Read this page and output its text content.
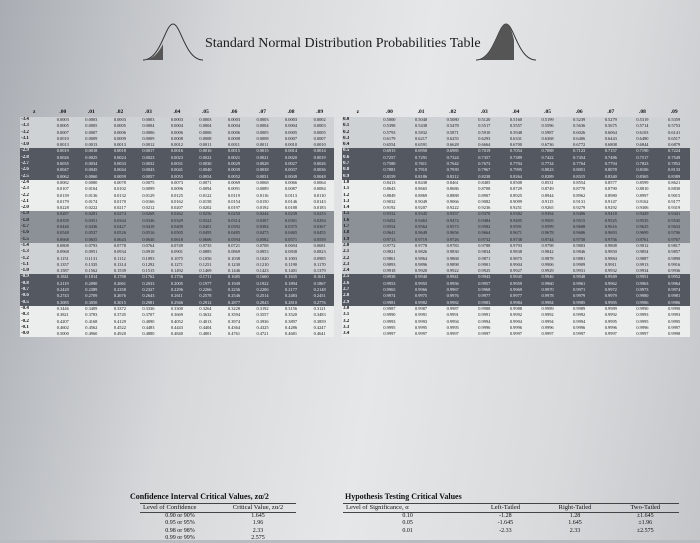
Standard Normal Distribution Probabilities Table
z	.00	.01	.02	.03	.04	.05	.06	.07	.08	.09
-3.4	0.0003	0.0003	0.0003	0.0003	0.0003	0.0003	0.0003	0.0003	0.0003	0.0002
-3.3	0.0005	0.0005	0.0005	0.0004	0.0004	0.0004	0.0004	0.0004	0.0004	0.0003
-3.2	0.0007	0.0007	0.0006	0.0006	0.0006	0.0006	0.0006	0.0005	0.0005	0.0005
-3.1	0.0010	0.0009	0.0009	0.0009	0.0008	0.0008	0.0008	0.0008	0.0007	0.0007
-3.0	0.0013	0.0013	0.0013	0.0012	0.0012	0.0011	0.0011	0.0011	0.0010	0.0010
-2.9	0.0019	0.0018	0.0018	0.0017	0.0016	0.0016	0.0015	0.0015	0.0014	0.0014
-2.8	0.0026	0.0025	0.0024	0.0023	0.0023	0.0022	0.0021	0.0021	0.0020	0.0019
-2.7	0.0035	0.0034	0.0033	0.0032	0.0031	0.0030	0.0029	0.0028	0.0027	0.0026
-2.6	0.0047	0.0045	0.0044	0.0043	0.0041	0.0040	0.0039	0.0038	0.0037	0.0036
-2.5	0.0062	0.0060	0.0059	0.0057	0.0055	0.0054	0.0052	0.0051	0.0049	0.0048
-2.4	0.0082	0.0080	0.0078	0.0075	0.0073	0.0071	0.0069	0.0068	0.0066	0.0064
-2.3	0.0107	0.0104	0.0102	0.0099	0.0096	0.0094	0.0091	0.0089	0.0087	0.0084
-2.2	0.0139	0.0136	0.0132	0.0129	0.0125	0.0122	0.0119	0.0116	0.0113	0.0110
-2.1	0.0179	0.0174	0.0170	0.0166	0.0162	0.0158	0.0154	0.0150	0.0146	0.0143
-2.0	0.0228	0.0222	0.0217	0.0212	0.0207	0.0202	0.0197	0.0192	0.0188	0.0183
-1.9	0.0287	0.0281	0.0274	0.0268	0.0262	0.0256	0.0250	0.0244	0.0239	0.0233
-1.8	0.0359	0.0351	0.0344	0.0336	0.0329	0.0322	0.0314	0.0307	0.0301	0.0294
-1.7	0.0446	0.0436	0.0427	0.0418	0.0409	0.0401	0.0392	0.0384	0.0375	0.0367
-1.6	0.0548	0.0537	0.0526	0.0516	0.0505	0.0495	0.0485	0.0475	0.0465	0.0455
-1.5	0.0668	0.0655	0.0643	0.0630	0.0618	0.0606	0.0594	0.0582	0.0571	0.0559
-1.4	0.0808	0.0793	0.0778	0.0764	0.0749	0.0735	0.0721	0.0708	0.0694	0.0681
-1.3	0.0968	0.0951	0.0934	0.0918	0.0901	0.0885	0.0869	0.0853	0.0838	0.0823
-1.2	0.1151	0.1131	0.1112	0.1093	0.1075	0.1056	0.1038	0.1020	0.1003	0.0985
-1.1	0.1357	0.1335	0.1314	0.1292	0.1271	0.1251	0.1230	0.1210	0.1190	0.1170
-1.0	0.1587	0.1562	0.1539	0.1515	0.1492	0.1469	0.1446	0.1423	0.1401	0.1379
-0.9	0.1841	0.1814	0.1788	0.1762	0.1736	0.1711	0.1685	0.1660	0.1635	0.1611
-0.8	0.2119	0.2090	0.2061	0.2033	0.2005	0.1977	0.1949	0.1922	0.1894	0.1867
-0.7	0.2420	0.2389	0.2358	0.2327	0.2296	0.2266	0.2236	0.2206	0.2177	0.2148
-0.6	0.2743	0.2709	0.2676	0.2643	0.2611	0.2578	0.2546	0.2514	0.2483	0.2451
-0.5	0.3085	0.3050	0.3015	0.2981	0.2946	0.2912	0.2877	0.2843	0.2810	0.2776
-0.4	0.3446	0.3409	0.3372	0.3336	0.3300	0.3264	0.3228	0.3192	0.3156	0.3121
-0.3	0.3821	0.3783	0.3745	0.3707	0.3669	0.3632	0.3594	0.3557	0.3520	0.3483
-0.2	0.4207	0.4168	0.4129	0.4090	0.4052	0.4013	0.3974	0.3936	0.3897	0.3859
-0.1	0.4602	0.4562	0.4522	0.4483	0.4443	0.4404	0.4364	0.4325	0.4286	0.4247
-0.0	0.5000	0.4960	0.4920	0.4880	0.4840	0.4801	0.4761	0.4721	0.4681	0.4641
z	.00	.01	.02	.03	.04	.05	.06	.07	.08	.09
0.0	0.5000	0.5040	0.5080	0.5120	0.5160	0.5199	0.5239	0.5279	0.5319	0.5359
0.1	0.5398	0.5438	0.5478	0.5517	0.5557	0.5596	0.5636	0.5675	0.5714	0.5753
0.2	0.5793	0.5832	0.5871	0.5910	0.5948	0.5987	0.6026	0.6064	0.6103	0.6141
0.3	0.6179	0.6217	0.6255	0.6293	0.6331	0.6368	0.6406	0.6443	0.6480	0.6517
0.4	0.6554	0.6591	0.6628	0.6664	0.6700	0.6736	0.6772	0.6808	0.6844	0.6879
0.5	0.6915	0.6950	0.6985	0.7019	0.7054	0.7088	0.7123	0.7157	0.7190	0.7224
0.6	0.7257	0.7291	0.7324	0.7357	0.7389	0.7422	0.7454	0.7486	0.7517	0.7549
0.7	0.7580	0.7611	0.7642	0.7673	0.7704	0.7734	0.7764	0.7794	0.7823	0.7852
0.8	0.7881	0.7910	0.7939	0.7967	0.7995	0.8023	0.8051	0.8078	0.8106	0.8133
0.9	0.8159	0.8186	0.8212	0.8238	0.8264	0.8289	0.8315	0.8340	0.8365	0.8389
1.0	0.8413	0.8438	0.8461	0.8485	0.8508	0.8531	0.8554	0.8577	0.8599	0.8621
1.1	0.8643	0.8665	0.8686	0.8708	0.8729	0.8749	0.8770	0.8790	0.8810	0.8830
1.2	0.8849	0.8869	0.8888	0.8907	0.8925	0.8944	0.8962	0.8980	0.8997	0.9015
1.3	0.9032	0.9049	0.9066	0.9082	0.9099	0.9115	0.9131	0.9147	0.9162	0.9177
1.4	0.9192	0.9207	0.9222	0.9236	0.9251	0.9265	0.9279	0.9292	0.9306	0.9319
1.5	0.9332	0.9345	0.9357	0.9370	0.9382	0.9394	0.9406	0.9418	0.9429	0.9441
1.6	0.9452	0.9463	0.9474	0.9484	0.9495	0.9505	0.9515	0.9525	0.9535	0.9545
1.7	0.9554	0.9564	0.9573	0.9582	0.9591	0.9599	0.9608	0.9616	0.9625	0.9633
1.8	0.9641	0.9649	0.9656	0.9664	0.9671	0.9678	0.9686	0.9693	0.9699	0.9706
1.9	0.9713	0.9719	0.9726	0.9732	0.9738	0.9744	0.9750	0.9756	0.9761	0.9767
2.0	0.9772	0.9778	0.9783	0.9788	0.9793	0.9798	0.9803	0.9808	0.9812	0.9817
2.1	0.9821	0.9826	0.9830	0.9834	0.9838	0.9842	0.9846	0.9850	0.9854	0.9857
2.2	0.9861	0.9864	0.9868	0.9871	0.9875	0.9878	0.9881	0.9884	0.9887	0.9890
2.3	0.9893	0.9896	0.9898	0.9901	0.9904	0.9906	0.9909	0.9911	0.9913	0.9916
2.4	0.9918	0.9920	0.9922	0.9925	0.9927	0.9929	0.9931	0.9932	0.9934	0.9936
2.5	0.9938	0.9940	0.9941	0.9943	0.9945	0.9946	0.9948	0.9949	0.9951	0.9952
2.6	0.9953	0.9955	0.9956	0.9957	0.9959	0.9960	0.9961	0.9962	0.9963	0.9964
2.7	0.9965	0.9966	0.9967	0.9968	0.9969	0.9970	0.9971	0.9972	0.9973	0.9974
2.8	0.9974	0.9975	0.9976	0.9977	0.9977	0.9978	0.9979	0.9979	0.9980	0.9981
2.9	0.9981	0.9982	0.9982	0.9983	0.9984	0.9984	0.9985	0.9985	0.9986	0.9986
3.0	0.9987	0.9987	0.9987	0.9988	0.9988	0.9989	0.9989	0.9989	0.9990	0.9990
3.1	0.9990	0.9991	0.9991	0.9991	0.9992	0.9992	0.9992	0.9992	0.9993	0.9993
3.2	0.9993	0.9993	0.9994	0.9994	0.9994	0.9994	0.9994	0.9995	0.9995	0.9995
3.3	0.9995	0.9995	0.9995	0.9996	0.9996	0.9996	0.9996	0.9996	0.9996	0.9997
3.4	0.9997	0.9997	0.9997	0.9997	0.9997	0.9997	0.9997	0.9997	0.9997	0.9998
Confidence Interval Critical Values, zα/2
Level of Confidence	Critical Value, zα/2
0.90 or 90%	1.645
0.95 or 95%	1.96
0.98 or 98%	2.33
0.99 or 99%	2.575
Hypothesis Testing Critical Values
Level of Significance, α	Left-Tailed	Right-Tailed	Two-Tailed
0.10	-1.28	1.28	±1.645
0.05	-1.645	1.645	±1.96
0.01	-2.33	2.33	±2.575
